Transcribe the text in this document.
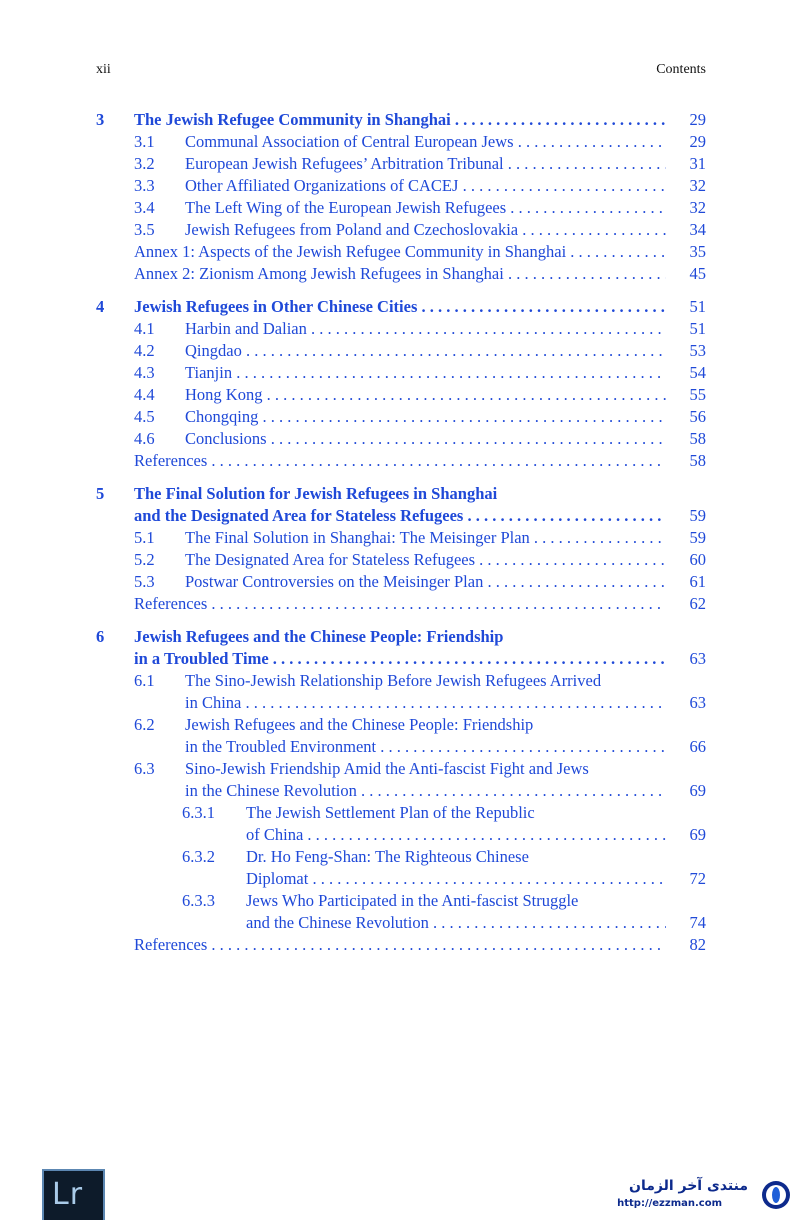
xii	Contents
3	The Jewish Refugee Community in Shanghai . . .	29
3.1	Communal Association of Central European Jews . . .	29
3.2	European Jewish Refugees’ Arbitration Tribunal . . .	31
3.3	Other Affiliated Organizations of CACEJ . . .	32
3.4	The Left Wing of the European Jewish Refugees . . .	32
3.5	Jewish Refugees from Poland and Czechoslovakia . . .	34
Annex 1: Aspects of the Jewish Refugee Community in Shanghai . . .	35
Annex 2: Zionism Among Jewish Refugees in Shanghai . . .	45
4	Jewish Refugees in Other Chinese Cities . . .	51
4.1	Harbin and Dalian . . .	51
4.2	Qingdao . . .	53
4.3	Tianjin . . .	54
4.4	Hong Kong . . .	55
4.5	Chongqing . . .	56
4.6	Conclusions . . .	58
References . . .	58
5	The Final Solution for Jewish Refugees in Shanghai
and the Designated Area for Stateless Refugees . . .	59
5.1	The Final Solution in Shanghai: The Meisinger Plan . . .	59
5.2	The Designated Area for Stateless Refugees . . .	60
5.3	Postwar Controversies on the Meisinger Plan . . .	61
References . . .	62
6	Jewish Refugees and the Chinese People: Friendship
in a Troubled Time . . .	63
6.1	The Sino-Jewish Relationship Before Jewish Refugees Arrived
in China . . .	63
6.2	Jewish Refugees and the Chinese People: Friendship
in the Troubled Environment . . .	66
6.3	Sino-Jewish Friendship Amid the Anti-fascist Fight and Jews
in the Chinese Revolution . . .	69
6.3.1	The Jewish Settlement Plan of the Republic
of China . . .	69
6.3.2	Dr. Ho Feng-Shan: The Righteous Chinese
Diplomat . . .	72
6.3.3	Jews Who Participated in the Anti-fascist Struggle
and the Chinese Revolution . . .	74
References . . .	82
Lr	منتدى آخر الزمان
http://ezzman.com
